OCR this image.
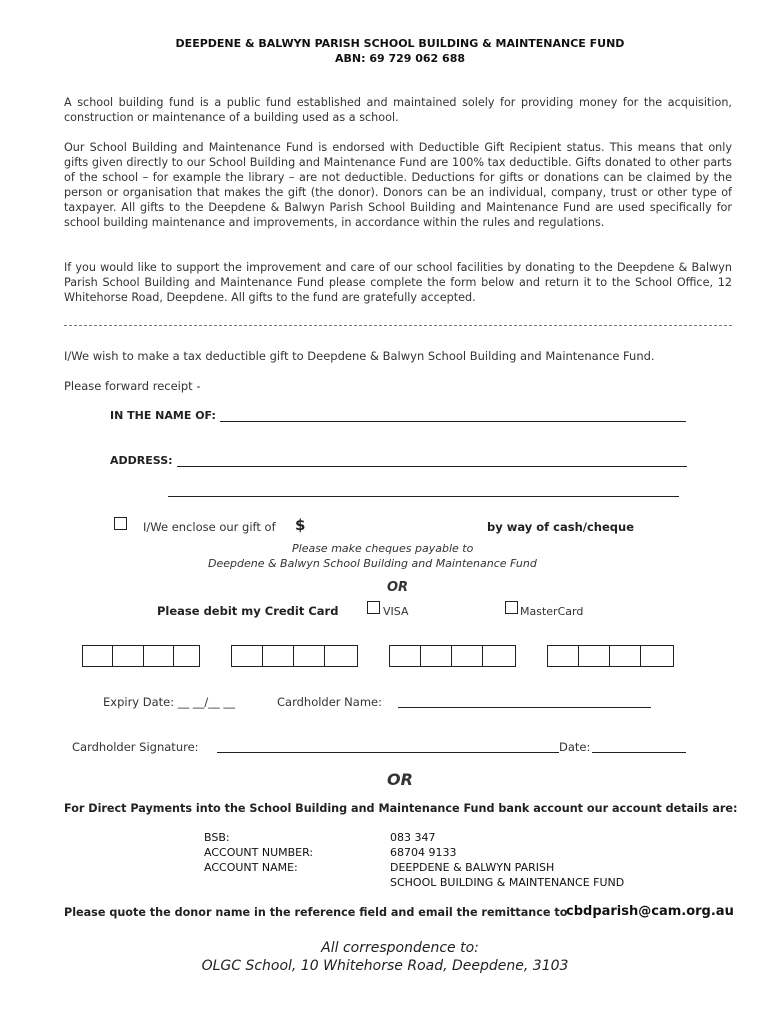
DEEPDENE & BALWYN PARISH SCHOOL BUILDING & MAINTENANCE FUND
ABN: 69 729 062 688
A school building fund is a public fund established and maintained solely for providing money for the acquisition, construction or maintenance of a building used as a school.
Our School Building and Maintenance Fund is endorsed with Deductible Gift Recipient status. This means that only gifts given directly to our School Building and Maintenance Fund are 100% tax deductible. Gifts donated to other parts of the school – for example the library – are not deductible. Deductions for gifts or donations can be claimed by the person or organisation that makes the gift (the donor). Donors can be an individual, company, trust or other type of taxpayer. All gifts to the Deepdene & Balwyn Parish School Building and Maintenance Fund are used specifically for school building maintenance and improvements, in accordance within the rules and regulations.
If you would like to support the improvement and care of our school facilities by donating to the Deepdene & Balwyn Parish School Building and Maintenance Fund please complete the form below and return it to the School Office, 12 Whitehorse Road, Deepdene. All gifts to the fund are gratefully accepted.
I/We wish to make a tax deductible gift to Deepdene & Balwyn School Building and Maintenance Fund.
Please forward receipt -
IN THE NAME OF:
ADDRESS:
I/We enclose our gift of $	by way of cash/cheque
Please make cheques payable to
Deepdene & Balwyn School Building and Maintenance Fund
OR
Please debit my Credit Card	VISA	MasterCard
Expiry Date: __ __/__ __	Cardholder Name:
Cardholder Signature:	Date:
OR
For Direct Payments into the School Building and Maintenance Fund bank account our account details are:
BSB:	083 347
ACCOUNT NUMBER:	68704 9133
ACCOUNT NAME:	DEEPDENE & BALWYN PARISH
SCHOOL BUILDING & MAINTENANCE FUND
Please quote the donor name in the reference field and email the remittance to
cbdparish@cam.org.au
All correspondence to:
OLGC School, 10 Whitehorse Road, Deepdene, 3103
